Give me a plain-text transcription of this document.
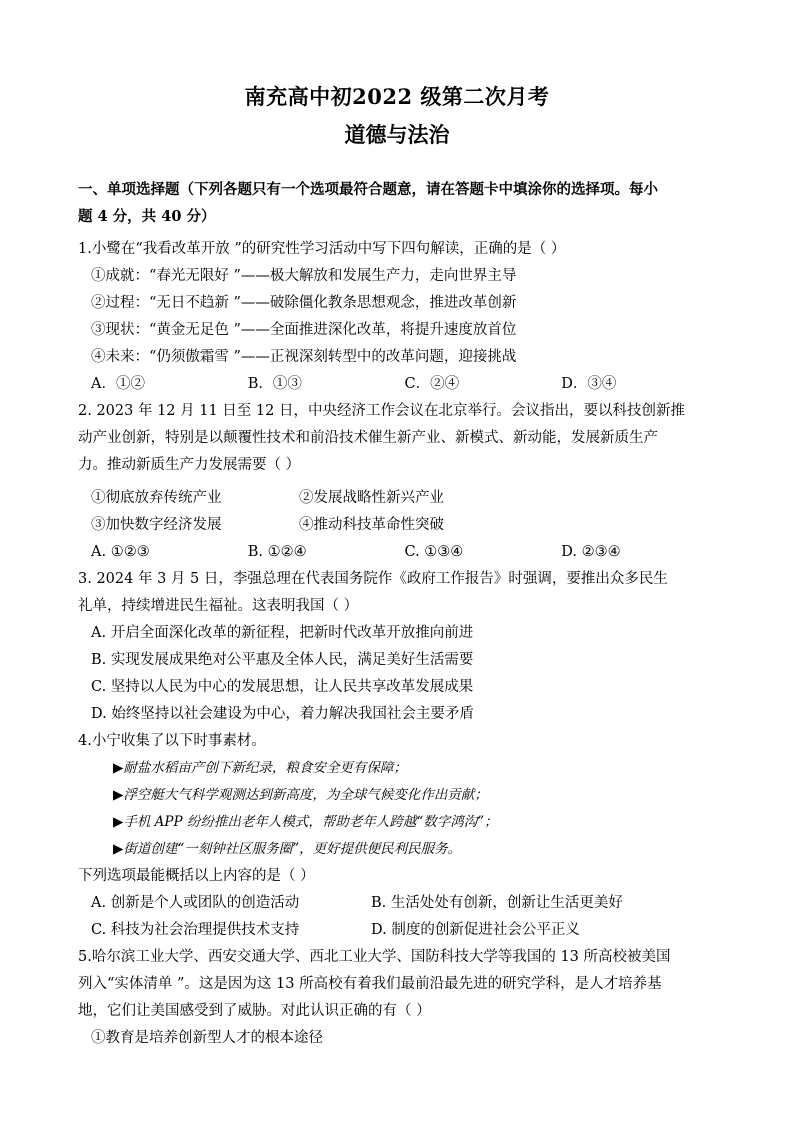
南充高中初2022 级第二次月考
道德与法治
一、单项选择题（下列各题只有一个选项最符合题意，请在答题卡中填涂你的选择项。每小
题 4 分，共 40 分）
1.小鹭在“我看改革开放 ”的研究性学习活动中写下四句解读，正确的是（ ）
①成就：“春光无限好 ”——极大解放和发展生产力，走向世界主导
②过程：“无日不趋新 ”——破除僵化教条思想观念，推进改革创新
③现状：“黄金无足色 ”——全面推进深化改革，将提升速度放首位
④未来：“仍须傲霜雪 ”——正视深刻转型中的改革问题，迎接挑战
A．①②	B．①③	C．②④	D．③④
2. 2023 年 12 月 11 日至 12 日，中央经济工作会议在北京举行。会议指出，要以科技创新推
动产业创新，特别是以颠覆性技术和前沿技术催生新产业、新模式、新动能，发展新质生产
力。推动新质生产力发展需要（ ）
①彻底放弃传统产业	②发展战略性新兴产业
③加快数字经济发展	④推动科技革命性突破
A. ①②③	B. ①②④	C. ①③④	D. ②③④
3. 2024 年 3 月 5 日，李强总理在代表国务院作《政府工作报告》时强调，要推出众多民生
礼单，持续增进民生福祉。这表明我国（ ）
A. 开启全面深化改革的新征程，把新时代改革开放推向前进
B. 实现发展成果绝对公平惠及全体人民，满足美好生活需要
C. 坚持以人民为中心的发展思想，让人民共享改革发展成果
D. 始终坚持以社会建设为中心，着力解决我国社会主要矛盾
4.小宁收集了以下时事素材。
▶耐盐水稻亩产创下新纪录，粮食安全更有保障；
▶浮空艇大气科学观测达到新高度，为全球气候变化作出贡献；
▶手机 APP 纷纷推出老年人模式，帮助老年人跨越“数字鸿沟”；
▶街道创建“一刻钟社区服务圈”，更好提供便民利民服务。
下列选项最能概括以上内容的是（ ）
A. 创新是个人或团队的创造活动	B. 生活处处有创新，创新让生活更美好
C. 科技为社会治理提供技术支持	D. 制度的创新促进社会公平正义
5.哈尔滨工业大学、西安交通大学、西北工业大学、国防科技大学等我国的 13 所高校被美国
列入“实体清单 ”。这是因为这 13 所高校有着我们最前沿最先进的研究学科，是人才培养基
地，它们让美国感受到了威胁。对此认识正确的有（ ）
①教育是培养创新型人才的根本途径
